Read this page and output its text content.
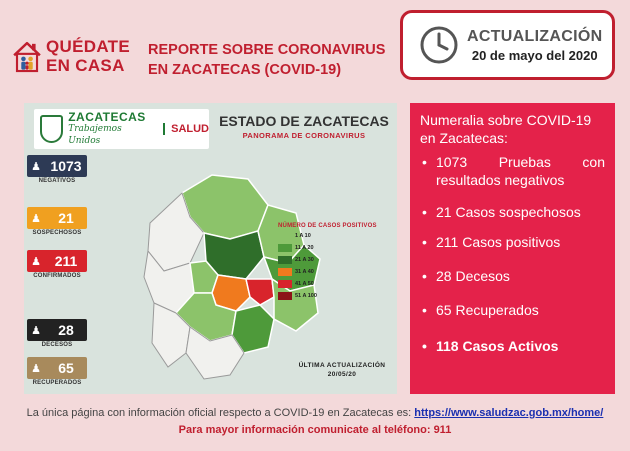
QUÉDATE
EN CASA
REPORTE SOBRE CORONAVIRUS
EN ZACATECAS (COVID-19)
ACTUALIZACIÓN
20 de mayo del 2020
ZACATECAS
Trabajemos Unidos
SALUD ESTADO DE ZACATECAS
PANORAMA DE CORONAVIRUS
♟ 1073
NEGATIVOS
♟	21
SOSPECHOSOS
♟ 211
CONFIRMADOS
♟	28
DECESOS
♟	65
RECUPERADOS
NÚMERO DE CASOS POSITIVOS
1 A 10
11 A 20
21 A 30
31 A 40
41 A 50
51 A 100
ÚLTIMA ACTUALIZACIÓN
20/05/20
Numeralia sobre COVID-19 en Zacatecas:
• 1073 Pruebas con resultados negativos
• 21 Casos sospechosos
• 211 Casos positivos
• 28 Decesos
• 65 Recuperados
• 118 Casos Activos
La única página con información oficial respecto a COVID-19 en Zacatecas es: https://www.saludzac.gob.mx/home/
Para mayor información comunicate al teléfono: 911
